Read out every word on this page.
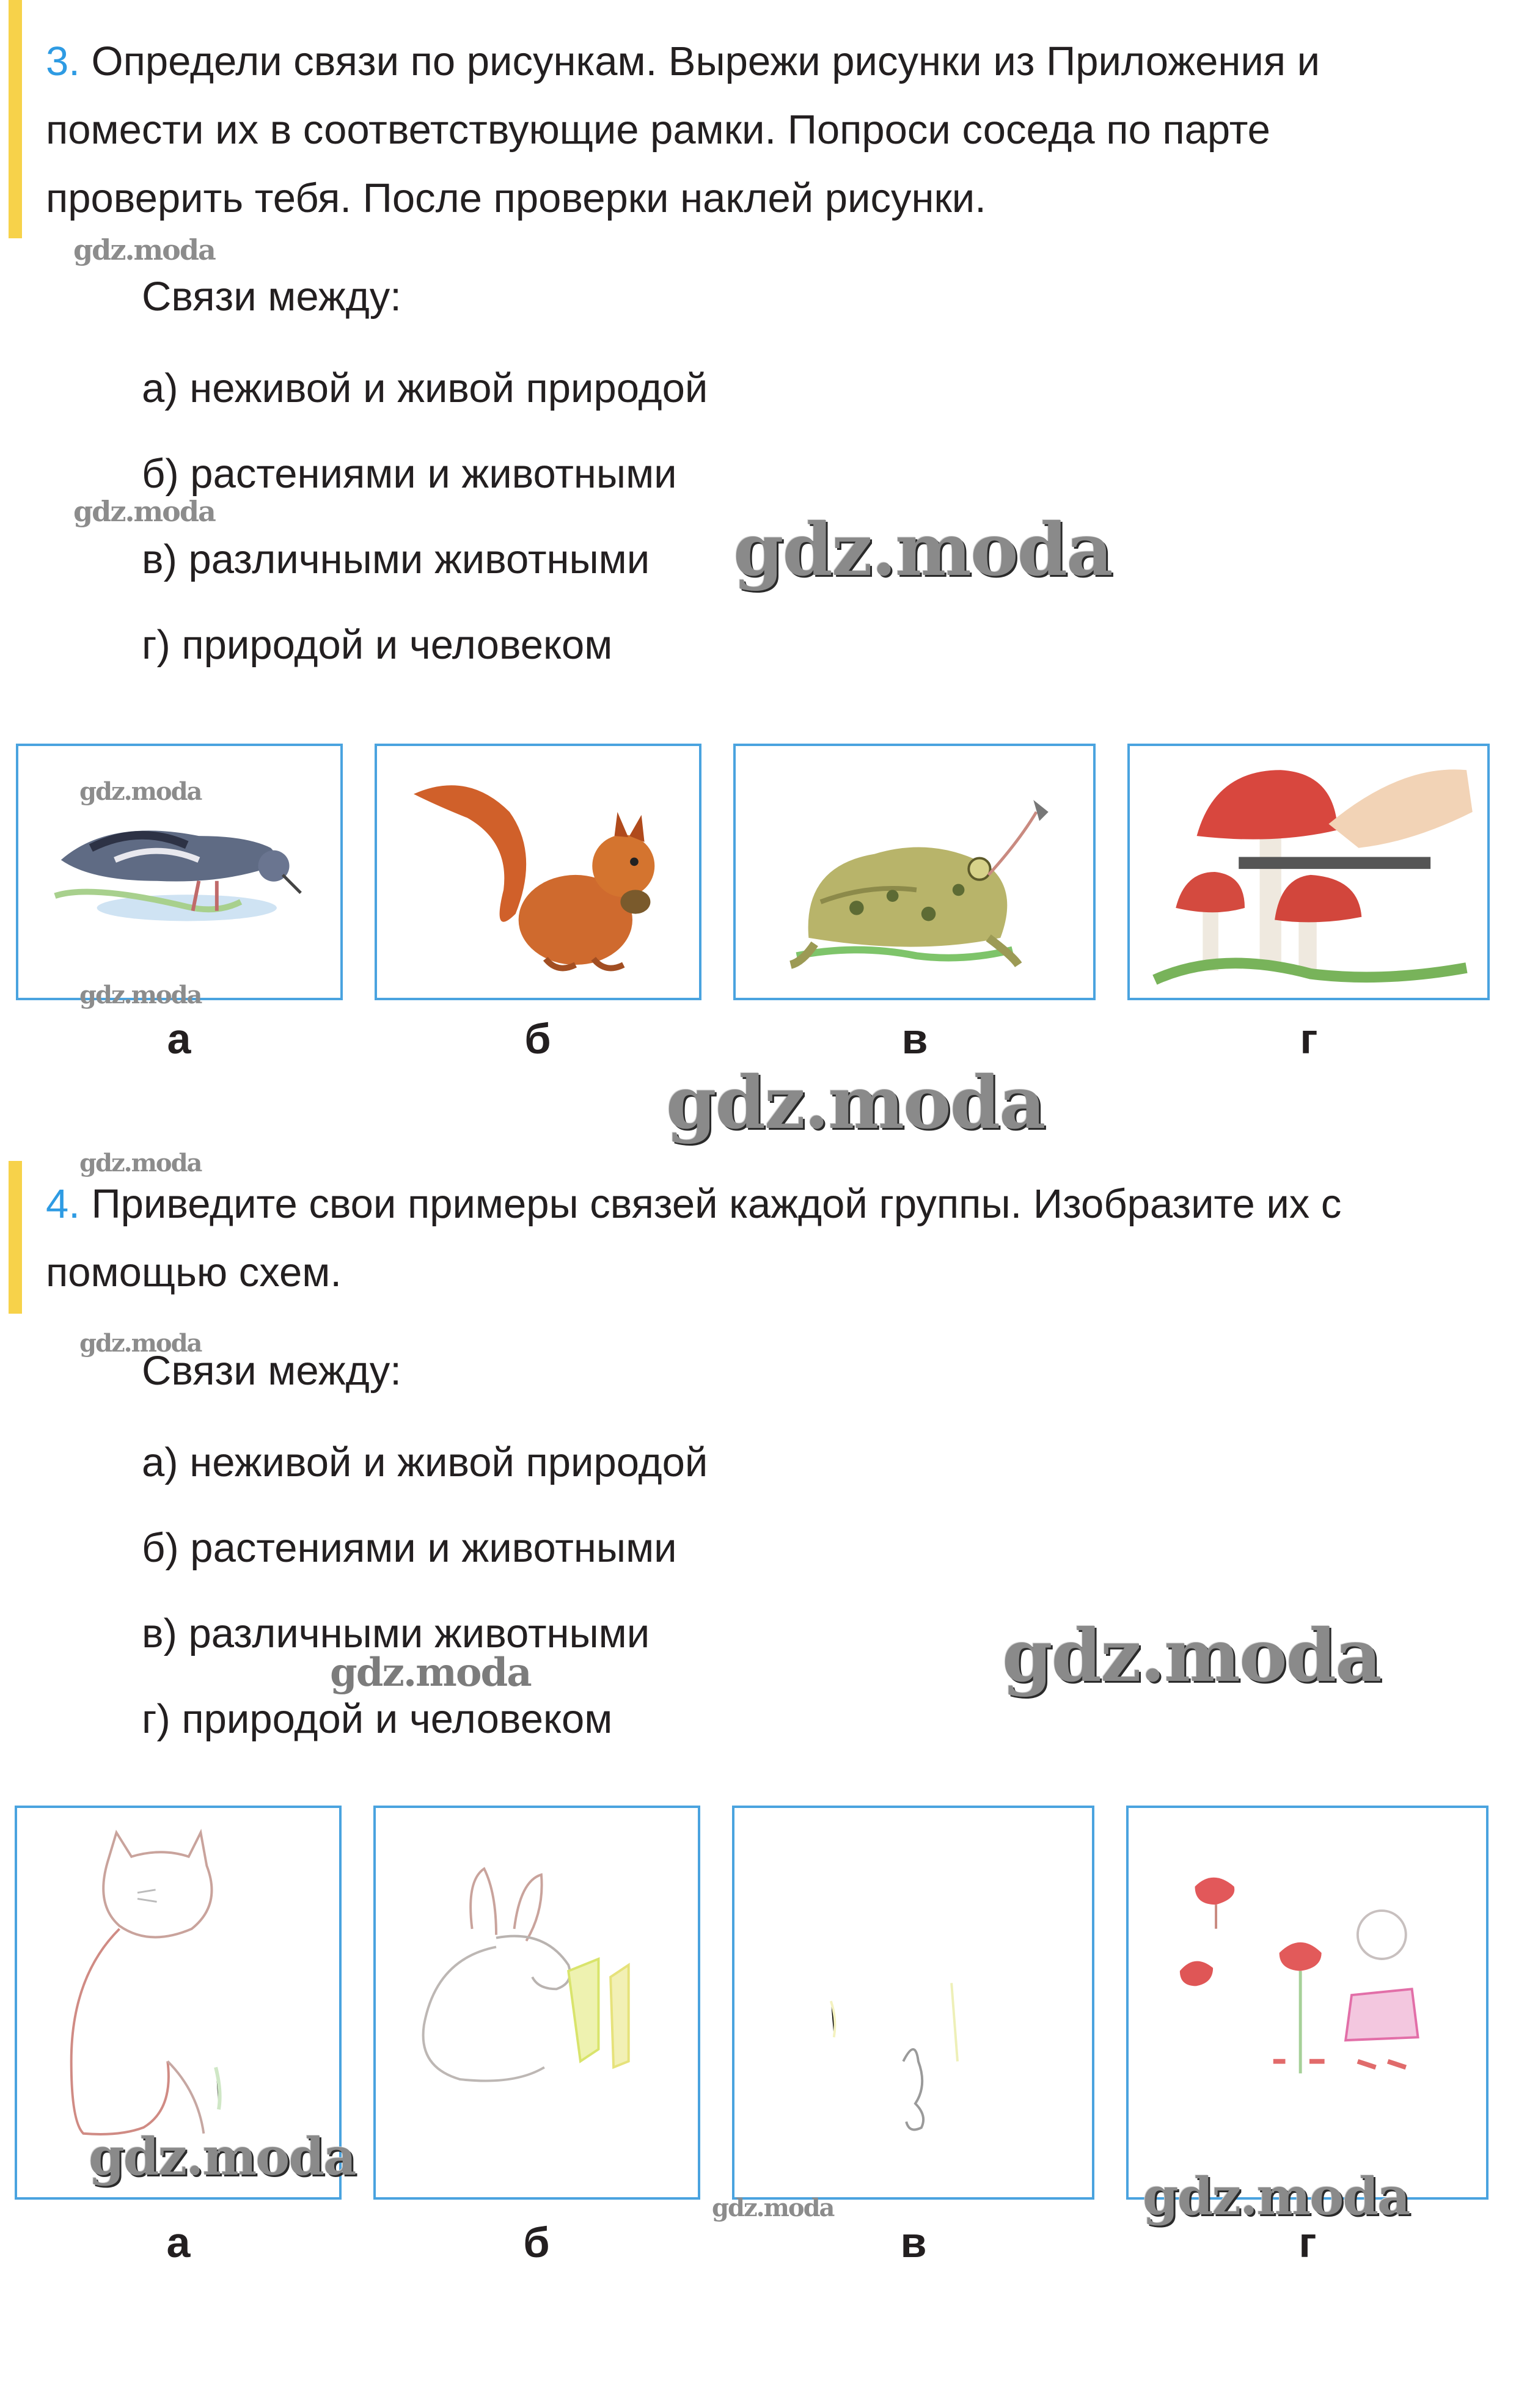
3. Определи связи по рисункам. Вырежи рисунки из Приложения и помести их в соответствующие рамки. Попроси соседа по парте проверить тебя. После проверки наклей рисунки.
Связи между:
а) неживой и живой природой
б) растениями и животными
в) различными животными
г) природой и человеком
а	б	в	г
4. Приведите свои примеры связей каждой группы. Изобразите их с помощью схем.
Связи между:
а) неживой и живой природой
б) растениями и животными
в) различными животными
г) природой и человеком
а	б	в	г
gdz.moda
gdz.moda	gdz.moda
gdz.moda
gdz.moda
gdz.moda
gdz.moda
gdz.moda
gdz.moda
gdz.moda
gdz.moda
gdz.moda	gdz.moda
